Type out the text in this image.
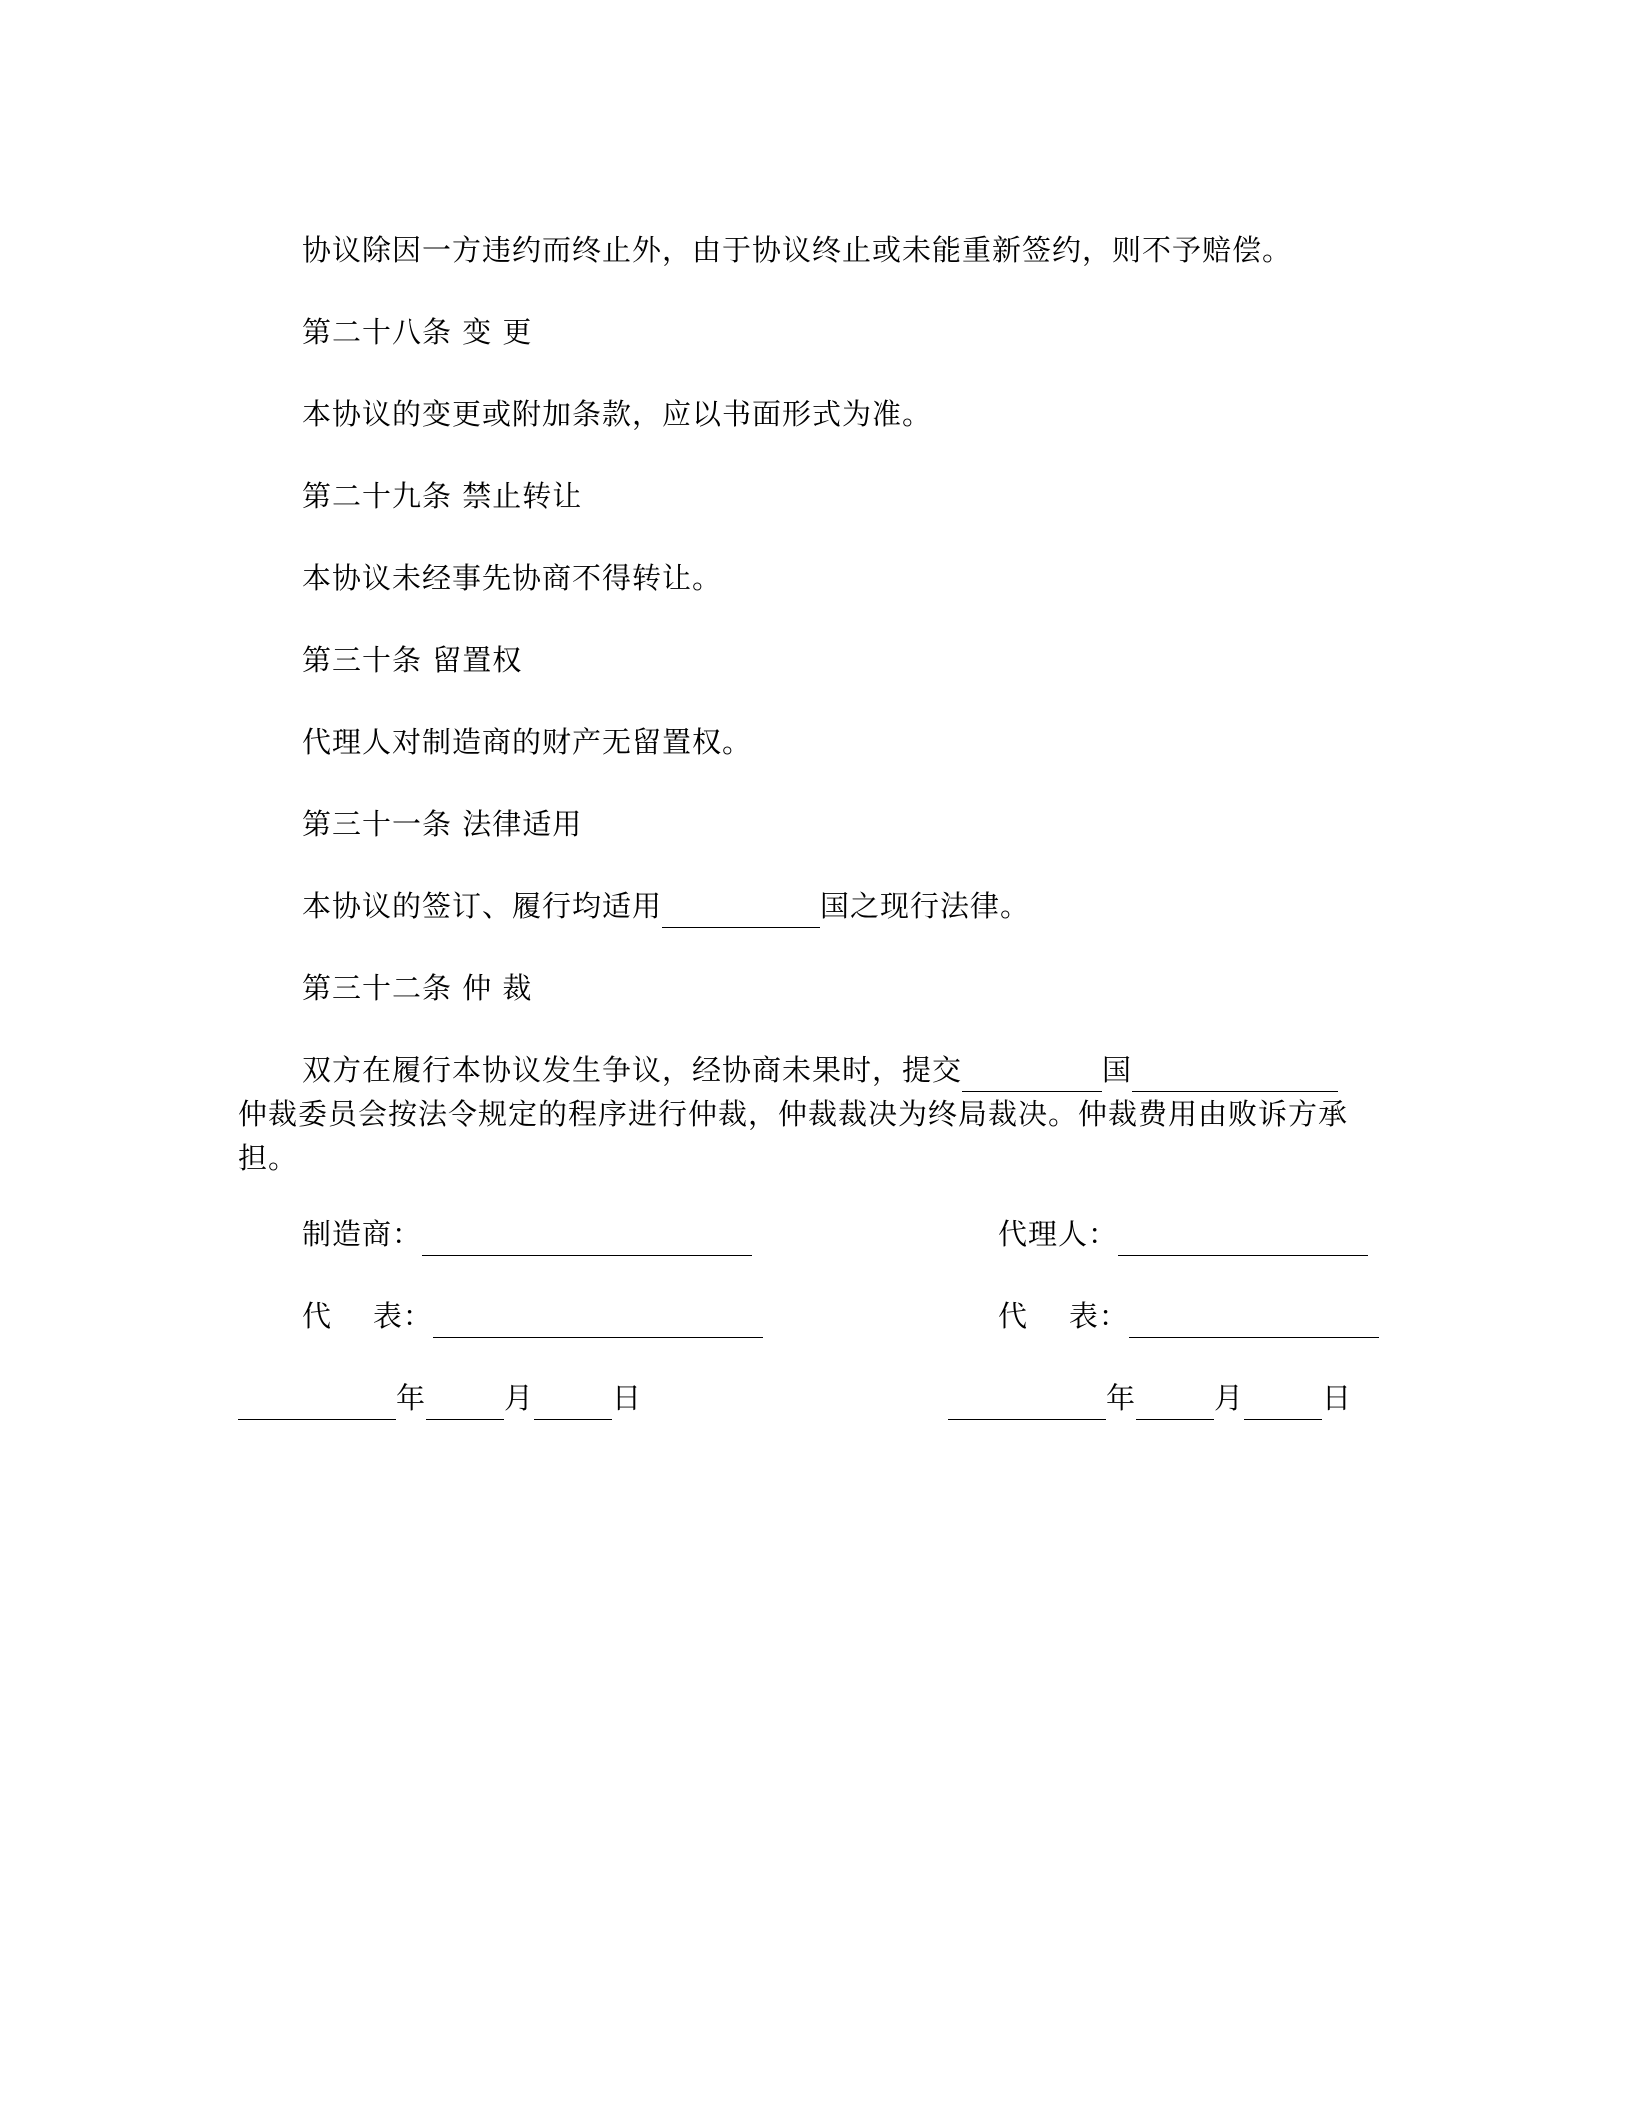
协议除因一方违约而终止外，由于协议终止或未能重新签约，则不予赔偿。
第二十八条 变 更
本协议的变更或附加条款，应以书面形式为准。
第二十九条 禁止转让
本协议未经事先协商不得转让。
第三十条 留置权
代理人对制造商的财产无留置权。
第三十一条 法律适用
本协议的签订、履行均适用	国之现行法律。
第三十二条 仲 裁
双方在履行本协议发生争议，经协商未果时，提交	国
仲裁委员会按法令规定的程序进行仲裁，仲裁裁决为终局裁决。仲裁费用由败诉方承担。
制造商：	代理人：
代    表：	代    表：
年	月	日	年	月	日
